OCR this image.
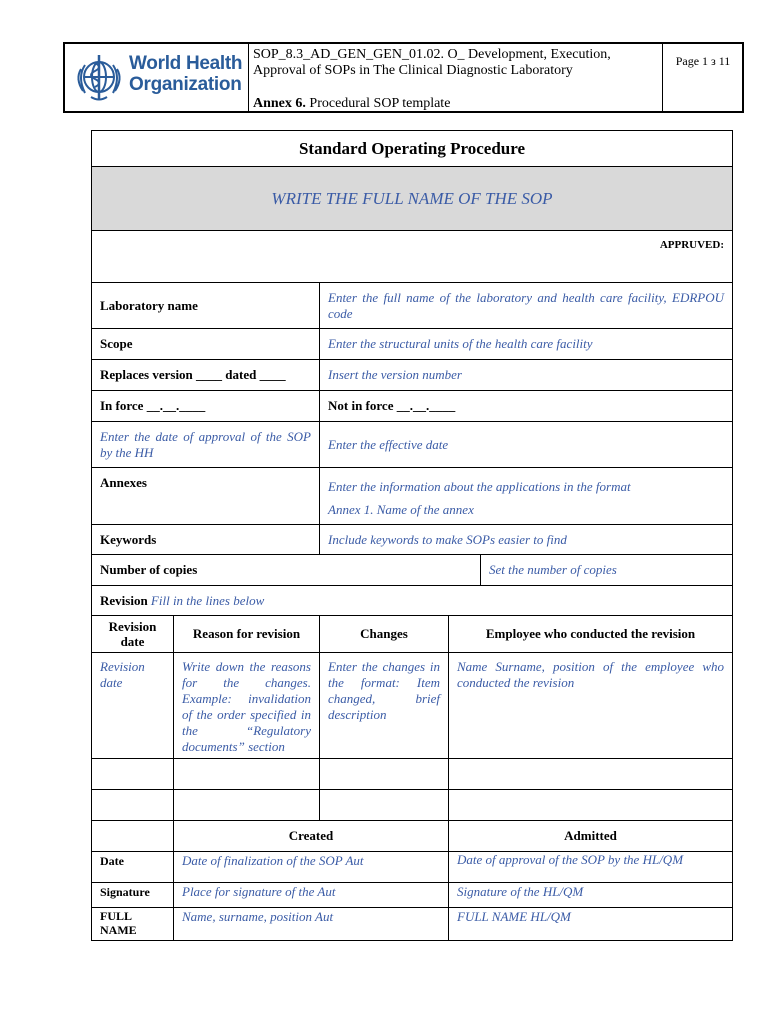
World Health
Organization
SOP_8.3_AD_GEN_GEN_01.02. O_ Development, Execution, Approval of SOPs in The Clinical Diagnostic Laboratory
Annex 6. Procedural SOP template
Page 1 з 11
Standard Operating Procedure				
WRITE THE FULL NAME OF THE SOP				
APPRUVED:				
Laboratory name		Enter the full name of the laboratory and health care facility, EDRPOU code		
Scope		Enter the structural units of the health care facility		
Replaces version ____ dated ____		Insert the version number		
In force __.__.____		Not in force __.__.____		
Enter the date of approval of the SOP by the HH		Enter the effective date		
Annexes		Enter the information about the applications in the format
Annex 1. Name of the annex		
Keywords		Include keywords to make SOPs easier to find		
Number of copies				Set the number of copies
Revision Fill in the lines below				
Revision date	Reason for revision	Changes	Employee who conducted the revision	
Revision date	Write down the reasons for the changes. Example: invalidation of the order specified in the “Regulatory documents” section	Enter the changes in the format: Item changed, brief description	Name Surname, position of the employee who conducted the revision	

	Created		Admitted	
Date	Date of finalization of the SOP Aut		Date of approval of the SOP by the HL/QM	
Signature	Place for signature of the Aut		Signature of the HL/QM	
FULL NAME	Name, surname, position Aut		FULL NAME HL/QM	
